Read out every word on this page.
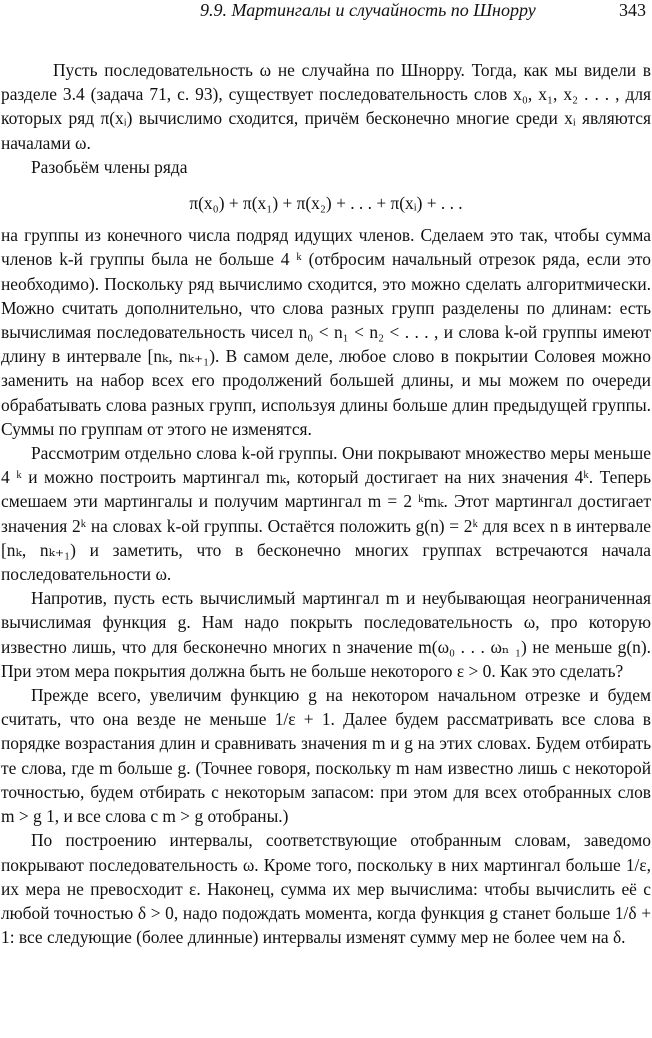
9.9. Мартингалы и случайность по Шнорру	343

Пусть последовательность ω не случайна по Шнорру. Тогда, как мы видели в разделе 3.4 (задача 71, с. 93), существует последовательность слов x₀, x₁, x₂ . . . , для которых ряд π(xᵢ) вычислимо сходится, причём бесконечно многие среди xᵢ являются началами ω.

Разобьём члены ряда

π(x₀) + π(x₁) + π(x₂) + . . . + π(xᵢ) + . . .

на группы из конечного числа подряд идущих членов. Сделаем это так, чтобы сумма членов k-й группы была не больше 4 ᵏ (отбросим начальный отрезок ряда, если это необходимо). Поскольку ряд вычислимо сходится, это можно сделать алгоритмически. Можно считать дополнительно, что слова разных групп разделены по длинам: есть вычислимая последовательность чисел n₀ < n₁ < n₂ < . . . , и слова k-ой группы имеют длину в интервале [nₖ, nₖ₊₁). В самом деле, любое слово в покрытии Соловея можно заменить на набор всех его продолжений большей длины, и мы можем по очереди обрабатывать слова разных групп, используя длины больше длин предыдущей группы. Суммы по группам от этого не изменятся.

Рассмотрим отдельно слова k-ой группы. Они покрывают множество меры меньше 4 ᵏ и можно построить мартингал mₖ, который достигает на них значения 4ᵏ. Теперь смешаем эти мартингалы и получим мартингал m = 2 ᵏmₖ. Этот мартингал достигает значения 2ᵏ на словах k-ой группы. Остаётся положить g(n) = 2ᵏ для всех n в интервале [nₖ, nₖ₊₁) и заметить, что в бесконечно многих группах встречаются начала последовательности ω.

Напротив, пусть есть вычислимый мартингал m и неубывающая неограниченная вычислимая функция g. Нам надо покрыть последовательность ω, про которую известно лишь, что для бесконечно многих n значение m(ω₀ . . . ωₙ ₁) не меньше g(n). При этом мера покрытия должна быть не больше некоторого ε > 0. Как это сделать?

Прежде всего, увеличим функцию g на некотором начальном отрезке и будем считать, что она везде не меньше 1/ε + 1. Далее будем рассматривать все слова в порядке возрастания длин и сравнивать значения m и g на этих словах. Будем отбирать те слова, где m больше g. (Точнее говоря, поскольку m нам известно лишь с некоторой точностью, будем отбирать с некоторым запасом: при этом для всех отобранных слов m > g 1, и все слова с m > g отобраны.)

По построению интервалы, соответствующие отобранным словам, заведомо покрывают последовательность ω. Кроме того, поскольку в них мартингал больше 1/ε, их мера не превосходит ε. Наконец, сумма их мер вычислима: чтобы вычислить её с любой точностью δ > 0, надо подождать момента, когда функция g станет больше 1/δ + 1: все следующие (более длинные) интервалы изменят сумму мер не более чем на δ.
